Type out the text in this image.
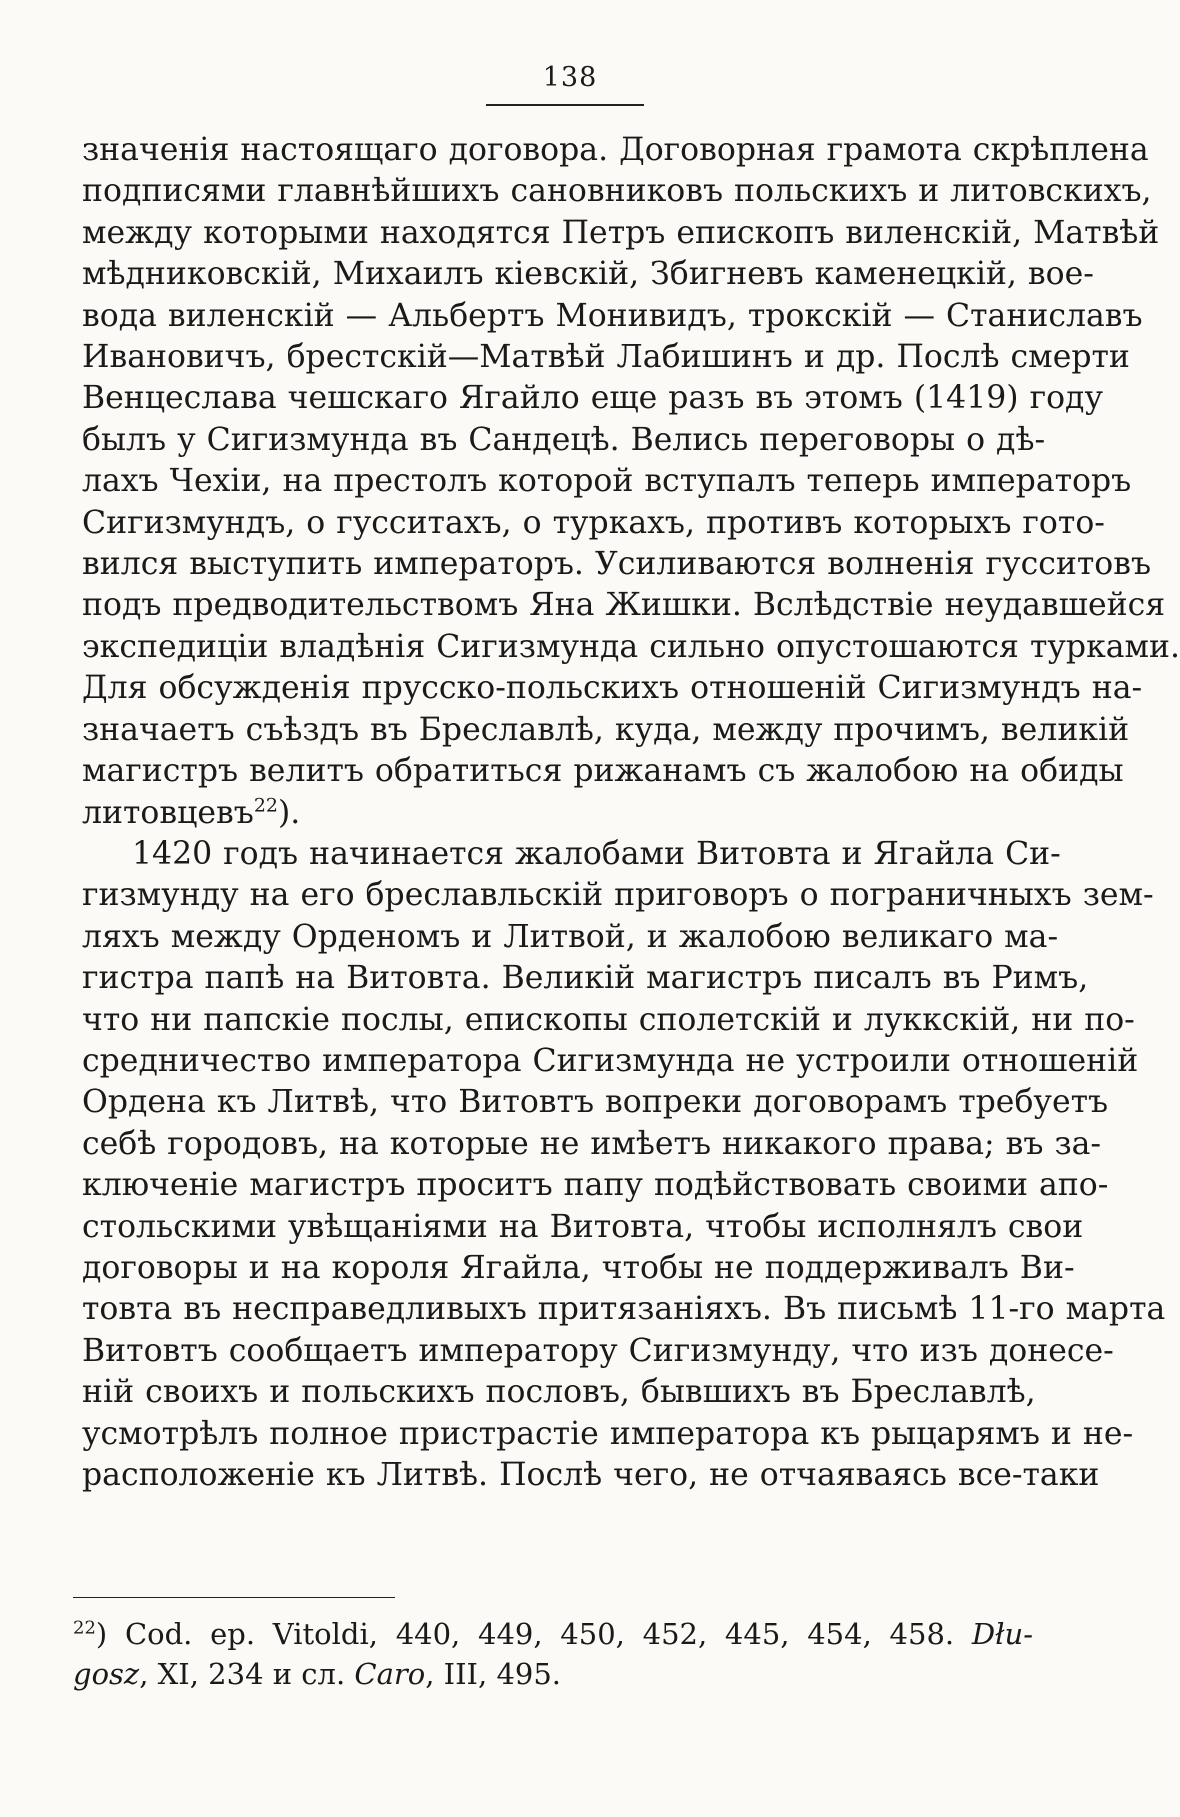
138
значенія настоящаго договора. Договорная грамота скрѣплена
подписями главнѣйшихъ сановниковъ польскихъ и литовскихъ,
между которыми находятся Петръ епископъ виленскій, Матвѣй
мѣдниковскій, Михаилъ кіевскій, Збигневъ каменецкій, вое-
вода виленскій — Альбертъ Монивидъ, трокскій — Станиславъ
Ивановичъ, брестскій—Матвѣй Лабишинъ и др. Послѣ смерти
Венцеслава чешскаго Ягайло еще разъ въ этомъ (1419) году
былъ у Сигизмунда въ Сандецѣ. Велись переговоры о дѣ-
лахъ Чехіи, на престолъ которой вступалъ теперь императоръ
Сигизмундъ, о гусситахъ, о туркахъ, противъ которыхъ гото-
вился выступить императоръ. Усиливаются волненія гусситовъ
подъ предводительствомъ Яна Жишки. Вслѣдствіе неудавшейся
экспедиціи владѣнія Сигизмунда сильно опустошаются турками.
Для обсужденія прусско-польскихъ отношеній Сигизмундъ на-
значаетъ съѣздъ въ Бреславлѣ, куда, между прочимъ, великій
магистръ велитъ обратиться рижанамъ съ жалобою на обиды
литовцевъ$^{22}$).
1420 годъ начинается жалобами Витовта и Ягайла Си-
гизмунду на его бреславльскій приговоръ о пограничныхъ зем-
ляхъ между Орденомъ и Литвой, и жалобою великаго ма-
гистра папѣ на Витовта. Великій магистръ писалъ въ Римъ,
что ни папскіе послы, епископы сполетскій и луккскій, ни по-
средничество императора Сигизмунда не устроили отношеній
Ордена къ Литвѣ, что Витовтъ вопреки договорамъ требуетъ
себѣ городовъ, на которые не имѣетъ никакого права; въ за-
ключеніе магистръ проситъ папу подѣйствовать своими апо-
стольскими увѣщаніями на Витовта, чтобы исполнялъ свои
договоры и на короля Ягайла, чтобы не поддерживалъ Ви-
товта въ несправедливыхъ притязаніяхъ. Въ письмѣ 11-го марта
Витовтъ сообщаетъ императору Сигизмунду, что изъ донесе-
ній своихъ и польскихъ пословъ, бывшихъ въ Бреславлѣ,
усмотрѣлъ полное пристрастіе императора къ рыцарямъ и не-
расположеніе къ Литвѣ. Послѣ чего, не отчаяваясь все-таки
$^{22}$) Cod. ep. Vitoldi, 440, 449, 450, 452, 445, 454, 458. Dłu-
gosz, XI, 234 и сл. Caro, III, 495.
